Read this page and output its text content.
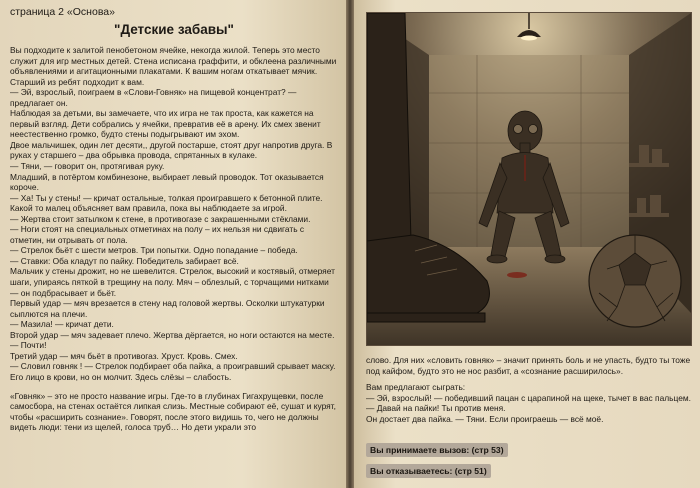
страница 2 «Основа»
"Детские забавы"

Вы подходите к залитой пенобетоном ячейке, некогда жилой. Теперь это место служит для игр местных детей. Стена исписана граффити, и обклеена различными объявлениями и агитационными плакатами. К вашим ногам откатывает мячик. Старший из ребят подходит к вам.

— Эй, взрослый, поиграем в «Слови-Говняк» на пищевой концентрат? — предлагает он.

Наблюдая за детьми, вы замечаете, что их игра не так проста, как кажется на первый взгляд. Дети собрались у ячейки, превратив её в арену. Их смех звенит неестественно громко, будто стены подыгрывают им эхом.

Двое мальчишек, один лет десяти,, другой постарше, стоят друг напротив друга. В руках у старшего – два обрывка провода, спрятанных в кулаке.

— Тяни, — говорит он, протягивая руку.

Младший, в потёртом комбинезоне, выбирает левый проводок. Тот оказывается короче.

— Ха! Ты у стены! — кричат остальные, толкая проигравшего к бетонной плите. Какой то малец объясняет вам правила, пока вы наблюдаете за игрой.

— Жертва стоит затылком к стене, в противогазе с закрашенными стёклами.

— Ноги стоят на специальных отметинах на полу – их нельзя ни сдвигать с отметин, ни отрывать от пола.

— Стрелок бьёт с шести метров. Три попытки. Одно попадание – победа.

— Ставки: Оба кладут по пайку. Победитель забирает всё.

Мальчик у стены дрожит, но не шевелится. Стрелок, высокий и костявый, отмеряет шаги, упираясь пяткой в трещину на полу. Мяч – облезлый, с торчащими нитками — он подбрасывает и бьёт.

Первый удар — мяч врезается в стену над головой жертвы. Осколки штукатурки сыплются на плечи.

— Мазила! — кричат дети.

Второй удар — мяч задевает плечо. Жертва дёргается, но ноги остаются на месте.

— Почти!

Третий удар — мяч бьёт в противогаз. Хруст. Кровь. Смех.

— Словил говняк ! — Стрелок подбирает оба пайка, а проигравший срывает маску. Его лицо в крови, но он молчит. Здесь слёзы – слабость.

«Говняк» – это не просто название игры. Где-то в глубинах Гигахрущевки, после самосбора, на стенах остаётся липкая слизь. Местные собирают её, сушат и курят, чтобы «расширить сознание». Говорят, после этого видишь то, чего не должны видеть люди: тени из щелей, голоса труб… Но дети украли это

слово. Для них «словить говняк» – значит принять боль и не упасть, будто ты тоже под кайфом, будто это не нос разбит, а «сознание расширилось».

Вам предлагают сыграть:

— Эй, взрослый! — победивший пацан с царапиной на щеке, тычет в вас пальцем. — Давай на пайки! Ты против меня.

Он достает два пайка. — Тяни. Если проиграешь — всё моё.

Вы принимаете вызов: (стр 53)
Вы отказываетесь: (стр 51)
